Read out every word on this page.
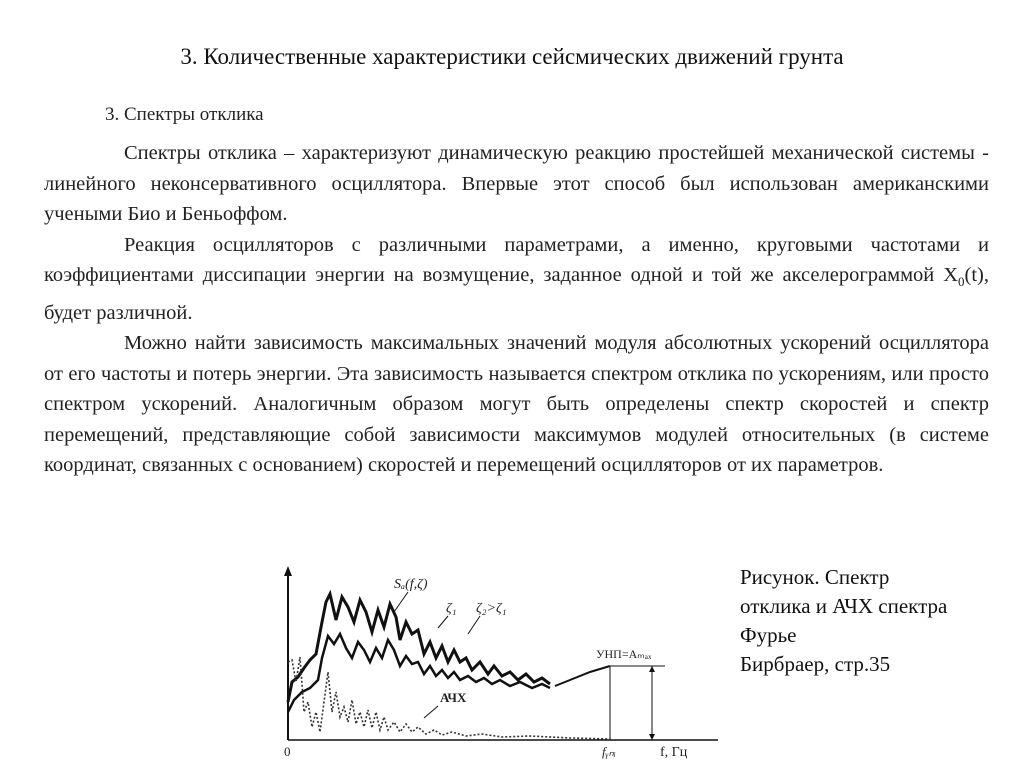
3. Количественные характеристики сейсмических движений грунта
3. Спектры отклика

Спектры отклика – характеризуют динамическую реакцию простейшей механической системы - линейного неконсервативного осциллятора. Впервые этот способ был использован американскими учеными Био и Беньоффом.

Реакция осцилляторов с различными параметрами, а именно, круговыми частотами и коэффициентами диссипации энергии на возмущение, заданное одной и той же акселерограммой $X_0(t)$, будет различной.

Можно найти зависимость максимальных значений модуля абсолютных ускорений осциллятора от его частоты и потерь энергии. Эта зависимость называется спектром отклика по ускорениям, или просто спектром ускорений. Аналогичным образом могут быть определены спектр скоростей и спектр перемещений, представляющие собой зависимости максимумов модулей относительных (в системе координат, связанных с основанием) скоростей и перемещений осцилляторов от их параметров.

Sₐ(f,ζ)
ζ₁ ζ₂>ζ₁
АЧХ
УНП=Aₘₐₓ
0	fᵧₙᵢ	f, Гц
Рисунок. Спектр
отклика и АЧХ спектра
Фурье
Бирбраер, стр.35
